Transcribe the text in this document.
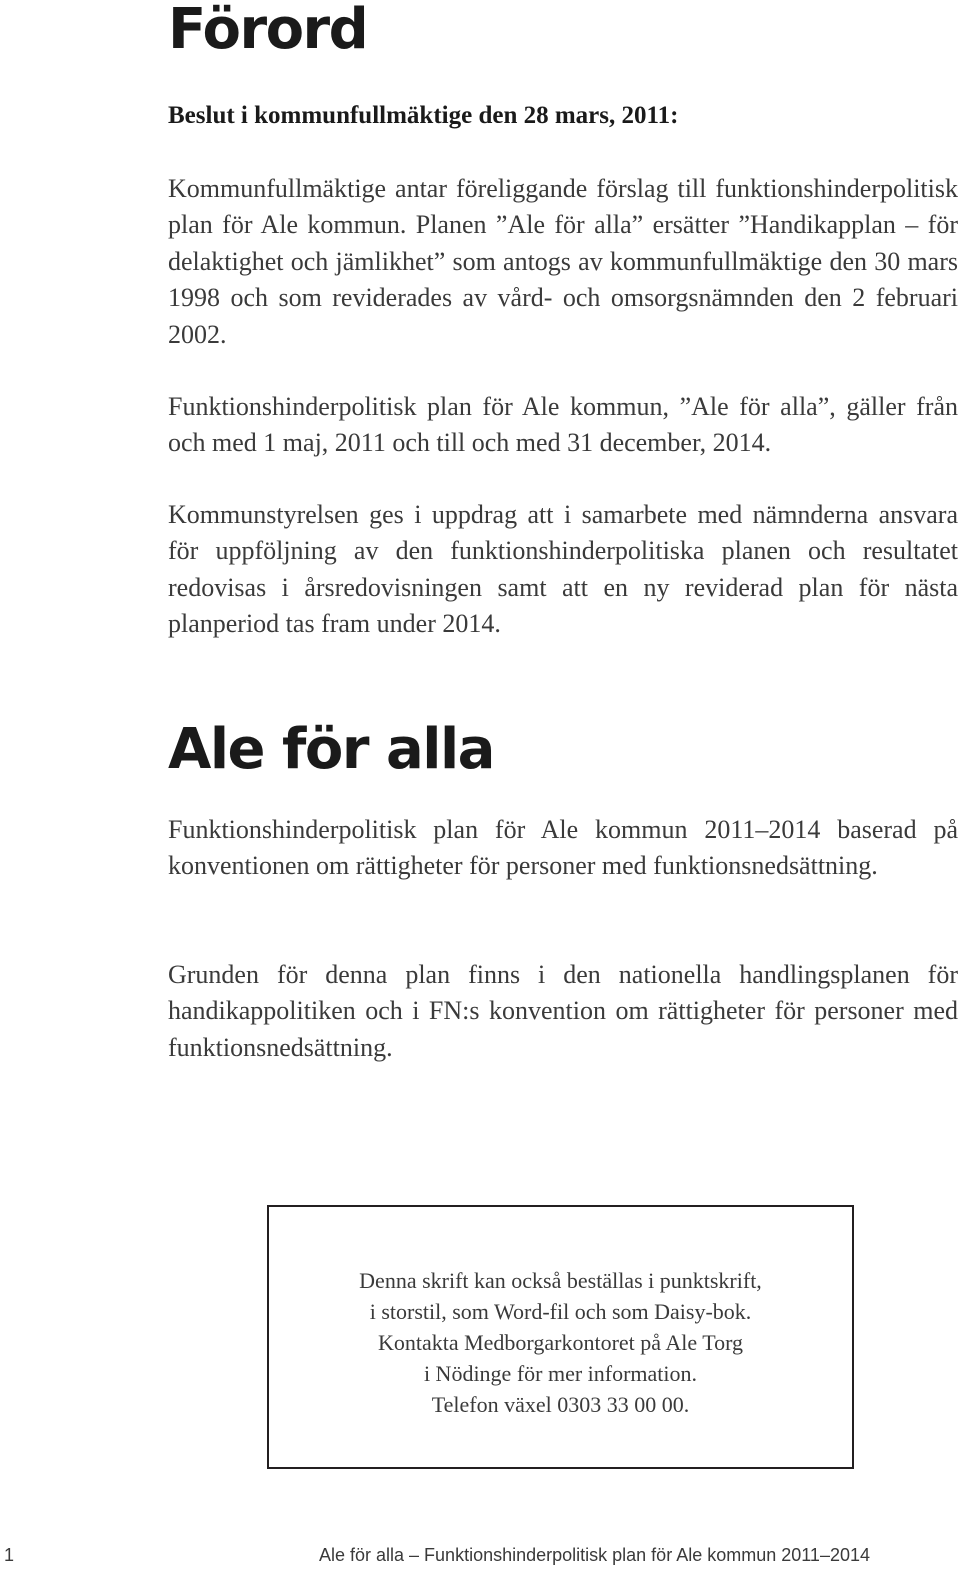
Förord
Beslut i kommunfullmäktige den 28 mars, 2011:

Kommunfullmäktige antar föreliggande förslag till funktionshinderpolitisk plan för Ale kommun. Planen ”Ale för alla” ersätter ”Handikapplan – för delaktighet och jämlikhet” som antogs av kommunfullmäktige den 30 mars 1998 och som reviderades av vård- och omsorgsnämnden den 2 februari 2002.

Funktionshinderpolitisk plan för Ale kommun, ”Ale för alla”, gäller från och med 1 maj, 2011 och till och med 31 december, 2014.

Kommunstyrelsen ges i uppdrag att i samarbete med nämnderna ansvara för uppföljning av den funktionshinderpolitiska planen och resultatet redovisas i årsredovisningen samt att en ny reviderad plan för nästa planperiod tas fram under 2014.

Ale för alla

Funktionshinderpolitisk plan för Ale kommun 2011–2014 baserad på konventionen om rättigheter för personer med funktionsnedsättning.

Grunden för denna plan finns i den nationella handlingsplanen för handikappolitiken och i FN:s konvention om rättigheter för personer med funktionsnedsättning.

Denna skrift kan också beställas i punktskrift,
i storstil, som Word-fil och som Daisy-bok.
Kontakta Medborgarkontoret på Ale Torg
i Nödinge för mer information.
Telefon växel 0303 33 00 00.
1	Ale för alla – Funktionshinderpolitisk plan för Ale kommun 2011–2014
